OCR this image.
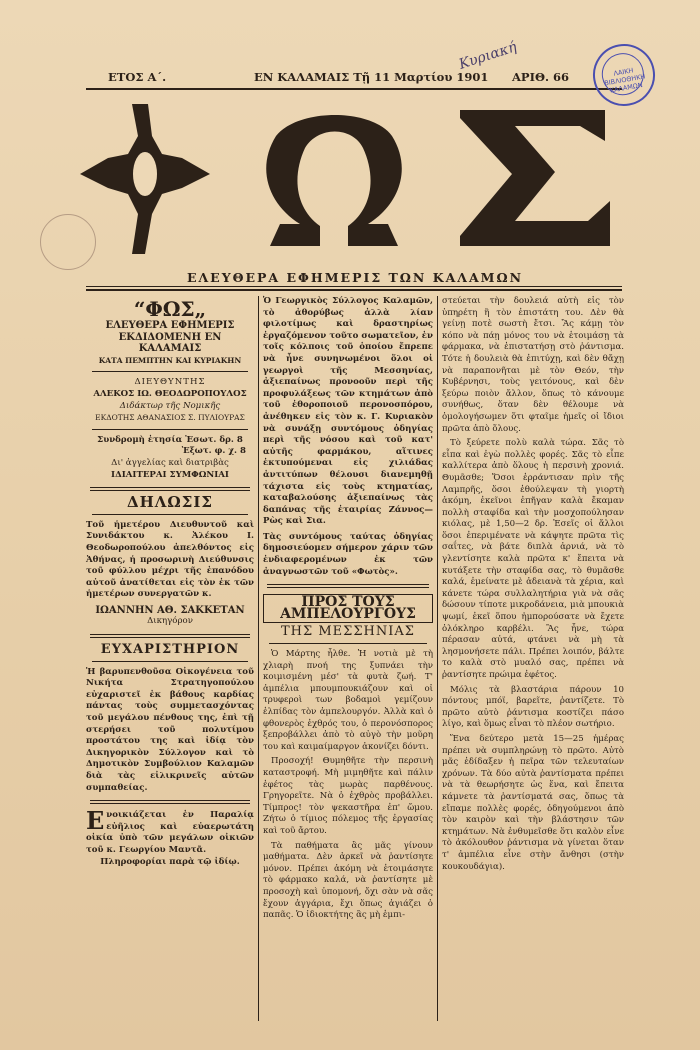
ΕΤΟΣ Α΄.	ΕΝ ΚΑΛΑΜΑΙΣ Τῇ 11 Μαρτίου 1901 ΑΡΙΘ. 66
Κυριακή	ΛΑΙΚΗ ΒΙΒΛΙΟΘΗΚΗ ΚΑΛΑΜΩΝ
Ω
ΕΛΕΥΘΕΡΑ ΕΦΗΜΕΡΙΣ ΤΩΝ ΚΑΛΑΜΩΝ
“ΦΩΣ„
ΕΛΕΥΘΕΡΑ ΕΦΗΜΕΡΙΣ
ΕΚΔΙΔΟΜΕΝΗ ΕΝ ΚΑΛΑΜΑΙΣ
ΚΑΤΑ ΠΕΜΠΤΗΝ ΚΑΙ ΚΥΡΙΑΚΗΝ
ΔΙΕΥΘΥΝΤΗΣ
ΑΛΕΚΟΣ ΙΩ. ΘΕΟΔΩΡΟΠΟΥΛΟΣ
Διδάκτωρ τῆς Νομικῆς
ΕΚΔΟΤΗΣ ΑΘΑΝΑΣΙΟΣ Σ. ΠΥΛΙΟΥΡΑΣ
Συνδρομὴ ἐτησία Ἐσωτ. δρ. 8
Ἐξωτ. φ. χ. 8
Δι' ἀγγελίας καὶ διατριβὰς
ΙΔΙΑΙΤΕΡΑΙ ΣΥΜΦΩΝΙΑΙ
ΔΗΛΩΣΙΣ

Τοῦ ἡμετέρου Διευθυντοῦ καὶ Συνιδάκτου κ. Ἀλέκου Ι. Θεοδωροπούλου ἀπελθόντος εἰς Ἀθήνας, ἡ προσωρινὴ Διεύθυνσις τοῦ φύλλου μέχρι τῆς ἐπανόδου αὐτοῦ ἀνατίθεται εἰς τὸν ἐκ τῶν ἡμετέρων συνεργατῶν κ.

ΙΩΑΝΝΗΝ ΑΘ. ΣΑΚΚΕΤΑΝ
Δικηγόρον
ΕΥΧΑΡΙΣΤΗΡΙΟΝ

Ἡ βαρυπενθοῦσα Οἰκογένεια τοῦ Νικήτα Στρατηγοπούλου εὐχαριστεῖ ἐκ βάθους καρδίας πάντας τοὺς συμμετασχόντας τοῦ μεγάλου πένθους της, ἐπὶ τῇ στερήσει τοῦ πολυτίμου προστάτου της καὶ ἰδίᾳ τὸν Δικηγορικὸν Σύλλογον καὶ τὸ Δημοτικὸν Συμβούλιον Καλαμῶν διὰ τὰς εἰλικρινεῖς αὐτῶν συμπαθείας.

Ενοικιάζεται ἐν Παραλίᾳ εὐῆλιος καὶ εὐαερωτάτη οἰκία ὑπὸ τῶν μεγάλων οἰκιῶν τοῦ κ. Γεωργίου Μαντᾶ.

Πληροφορίαι παρὰ τῷ ἰδίῳ.

Ὁ Γεωργικὸς Σύλλογος Καλαμῶν, τὸ ἀθορύβως ἀλλὰ λίαν φιλοτίμως καὶ δραστηρίως ἐργαζόμενον τοῦτο σωματεῖον, ἐν τοῖς κόλποις τοῦ ὁποίου ἔπρεπε νὰ ἦνε συνηνωμένοι ὅλοι οἱ γεωργοὶ τῆς Μεσσηνίας, ἀξιεπαίνως προνοοῦν περὶ τῆς προφυλάξεως τῶν κτημάτων ἀπὸ τοῦ ἐθοροποιοῦ περονοσπόρου, ἀνέθηκεν εἰς τὸν κ. Γ. Κυριακὸν νὰ συνάξῃ συντόμους ὁδηγίας περὶ τῆς νόσου καὶ τοῦ κατ' αὐτῆς φαρμάκου, αἵτινες ἐκτυπούμεναι εἰς χιλιάδας ἀντιτύπων θέλουσι διανεμηθῇ τάχιστα εἰς τοὺς κτηματίας, καταβαλούσης ἀξιεπαίνως τὰς δαπάνας τῆς ἑταιρίας Ζάννος—Ρὼς καὶ Σια.

Τὰς συντόμους ταύτας ὁδηγίας δημοσιεύομεν σήμερον χάριν τῶν ἐνδιαφερομένων ἐκ τῶν ἀναγνωστῶν τοῦ «Φωτὸς».

ΠΡΟΣ ΤΟΥΣ ΑΜΠΕΛΟΥΡΓΟΥΣ
ΤΗΣ ΜΕΣΣΗΝΙΑΣ

Ὁ Μάρτης ἦλθε. Ἡ νοτιὰ μὲ τὴ χλιαρὴ πνοή της ξυπνάει τὴν κοιμισμένη μέσ' τὰ φυτὰ ζωή. Τ' ἀμπέλια μπουμπουκιάζουν καὶ οἱ τρυφεροὶ των βοδαμοὶ γεμίζουν ἐλπίδας τὸν ἀμπελουργόν. Ἀλλὰ καὶ ὁ φθονερὸς ἐχθρός του, ὁ περονόσπορος ξεπροβάλλει ἀπὸ τὸ αὐγὸ τὴν μοῦρη του καὶ καιμαίμαργον ἀκονίζει δόντι.

Προσοχή! Θυμηθῆτε τὴν περσινὴ καταστροφή. Μὴ μιμηθῆτε καὶ πάλιν ἐφέτος τὰς μωρὰς παρθένους. Γρηγορεῖτε. Νὰ ὁ ἐχθρὸς προβάλλει. Τίμπρος! τὸν ψεκαστῆρα ἐπ' ὤμου. Ζήτω ὁ τίμιος πόλεμος τῆς ἐργασίας καὶ τοῦ ἄρτου.

Τὰ παθήματα ἂς μᾶς γίνουν μαθήματα. Δὲν ἀρκεῖ νὰ ῥαντίσητε μόνον. Πρέπει ἀκόμη νὰ ἑτοιμάσητε τὸ φάρμακο καλά, νὰ ῥαντίσητε μὲ προσοχὴ καὶ ὑπομονή, ὄχι σὰν νὰ σᾶς ἔχουν ἀγγάρια, ἔχι ὅπως ἀγιάζει ὁ παπᾶς. Ὁ ἰδιοκτήτης ἂς μὴ ἐμπι-

στεύεται τὴν δουλειά αὐτὴ εἰς τὸν ὑπηρέτη ἢ τὸν ἐπιστάτη του. Δὲν θὰ γείνῃ ποτὲ σωστὴ ἔτσι. Ἂς κάμῃ τὸν κόπο νὰ πάῃ μόνος του νὰ ἑτοιμάσῃ τὰ φάρμακα, νὰ ἐπιστατήσῃ στὸ ῥάντισμα. Τότε ἡ δουλειὰ θὰ ἐπιτύχῃ, καὶ δὲν θἄχῃ νὰ παραπονῆται μὲ τὸν Θεόν, τὴν Κυβέρνησι, τοὺς γειτόνους, καὶ δὲν ξεύρω ποιὸν ἄλλον, ὅπως τὸ κάνουμε συνήθως, ὅταν δὲν θέλουμε νὰ ὁμολογήσωμεν ὅτι φταῖμε ἡμεῖς οἱ ἴδιοι πρῶτα ἀπὸ ὅλους.

Τὸ ξεύρετε πολὺ καλὰ τώρα. Σᾶς τὸ εἶπα καὶ ἐγὼ πολλὲς φορές. Σᾶς τὸ εἶπε καλλίτερα ἀπὸ ὅλους ἡ περσινὴ χρονιά. Θυμᾶσθε; Ὅσοι ἐρράντισαν πρὶν τῆς Λαμπρῆς, ὅσοι ἐθούλεψαν τὴ γιορτὴ ἀκόμη, ἐκεῖνοι ἐπῆγαν καλὰ ἔκαμαν πολλὴ σταφίδα καὶ τὴν μοσχοπούλησαν κιόλας, μὲ 1,50—2 δρ. Ἐσεῖς οἱ ἄλλοι ὅσοι ἐπεριμένατε νὰ κάψητε πρῶτα τὶς σαΐτες, νὰ βάτε διπλὰ ἀρνιά, νὰ τὸ γλεντίσητε καλὰ πρῶτα κ' ἔπειτα νὰ κυτάξετε τὴν σταφίδα σας, τὸ θυμᾶσθε καλά, ἐμείνατε μὲ ἀδειανὰ τὰ χέρια, καὶ κάνετε τώρα συλλαλητήρια γιὰ νὰ σᾶς δώσουν τίποτε μικροδάνεια, μιὰ μπουκιὰ ψωμί, ἐκεῖ ὅπου ἠμπορούσατε νὰ ἔχετε ὁλόκληρο καρβέλι. Ἂς ἦνε, τώρα πέρασαν αὐτά, φτάνει νὰ μὴ τὰ λησμονήσετε πάλι. Πρέπει λοιπόν, βάλτε το καλὰ στὸ μυαλό σας, πρέπει νὰ ῥαντίσητε πρώιμα ἐφέτος.

Μόλις τὰ βλαστάρια πάρουν 10 πόντους μπόϊ, βαρεῖτε, ῥαντίζετε. Τὸ πρῶτο αὐτὸ ῥάντισμα κοστίζει πάσο λίγο, καὶ ὅμως εἶναι τὸ πλέον σωτήριο.

Ἕνα δεύτερο μετὰ 15—25 ἡμέρας πρέπει νὰ συμπληρώνῃ τὸ πρῶτο. Αὐτὸ μᾶς ἐδίδαξεν ἡ πεῖρα τῶν τελευταίων χρόνων. Τὰ δύο αὐτὰ ῥαντίσματα πρέπει νὰ τὰ θεωρήσητε ὡς ἕνα, καὶ ἔπειτα κάμνετε τὰ ῥαντίσματά σας, ὅπως τὰ εἴπαμε πολλὲς φορές, ὁδηγούμενοι ἀπὸ τὸν καιρὸν καὶ τὴν βλάστησιν τῶν κτημάτων. Νὰ ἐνθυμεῖσθε ὅτι καλὸν εἶνε τὸ ἀκόλουθον ῥάντισμα νὰ γίνεται ὅταν τ' ἀμπέλια εἶνε στὴν ἄνθησι (στὴν κουκουδάγια).
